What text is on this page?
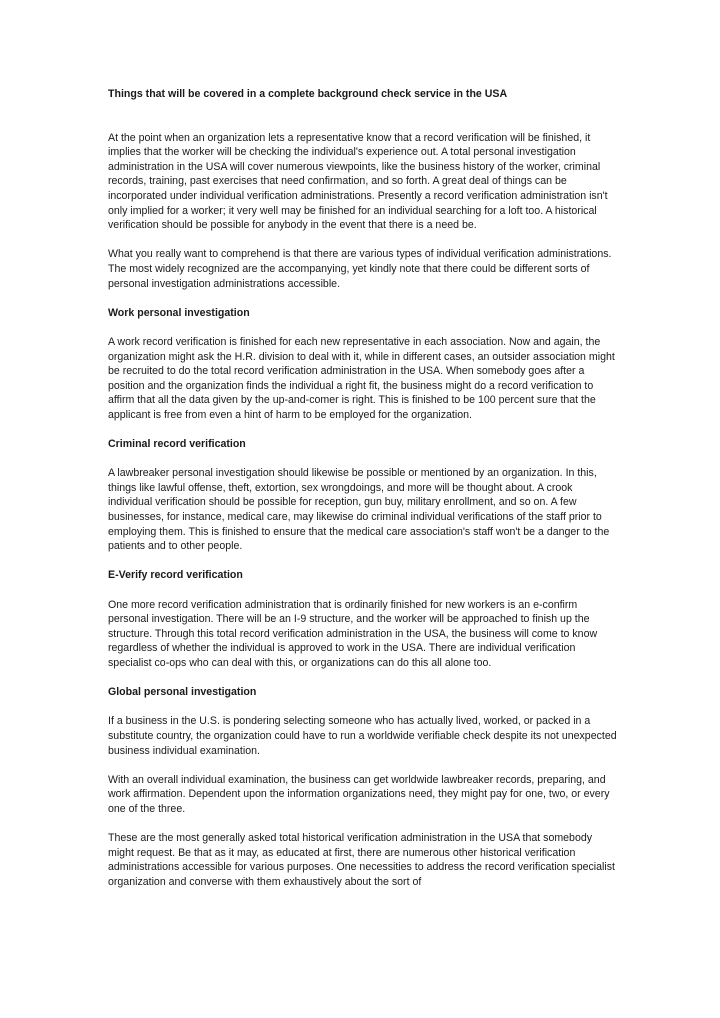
Things that will be covered in a complete background check service in the USA

At the point when an organization lets a representative know that a record verification will be finished, it implies that the worker will be checking the individual's experience out. A total personal investigation administration in the USA will cover numerous viewpoints, like the business history of the worker, criminal records, training, past exercises that need confirmation, and so forth. A great deal of things can be incorporated under individual verification administrations. Presently a record verification administration isn't only implied for a worker; it very well may be finished for an individual searching for a loft too. A historical verification should be possible for anybody in the event that there is a need be.

What you really want to comprehend is that there are various types of individual verification administrations. The most widely recognized are the accompanying, yet kindly note that there could be different sorts of personal investigation administrations accessible.

Work personal investigation

A work record verification is finished for each new representative in each association. Now and again, the organization might ask the H.R. division to deal with it, while in different cases, an outsider association might be recruited to do the total record verification administration in the USA. When somebody goes after a position and the organization finds the individual a right fit, the business might do a record verification to affirm that all the data given by the up-and-comer is right. This is finished to be 100 percent sure that the applicant is free from even a hint of harm to be employed for the organization.

Criminal record verification

A lawbreaker personal investigation should likewise be possible or mentioned by an organization. In this, things like lawful offense, theft, extortion, sex wrongdoings, and more will be thought about. A crook individual verification should be possible for reception, gun buy, military enrollment, and so on. A few businesses, for instance, medical care, may likewise do criminal individual verifications of the staff prior to employing them. This is finished to ensure that the medical care association's staff won't be a danger to the patients and to other people.

E-Verify record verification

One more record verification administration that is ordinarily finished for new workers is an e-confirm personal investigation. There will be an I-9 structure, and the worker will be approached to finish up the structure. Through this total record verification administration in the USA, the business will come to know regardless of whether the individual is approved to work in the USA. There are individual verification specialist co-ops who can deal with this, or organizations can do this all alone too.

Global personal investigation

If a business in the U.S. is pondering selecting someone who has actually lived, worked, or packed in a substitute country, the organization could have to run a worldwide verifiable check despite its not unexpected business individual examination.

With an overall individual examination, the business can get worldwide lawbreaker records, preparing, and work affirmation. Dependent upon the information organizations need, they might pay for one, two, or every one of the three.

These are the most generally asked total historical verification administration in the USA that somebody might request. Be that as it may, as educated at first, there are numerous other historical verification administrations accessible for various purposes. One necessities to address the record verification specialist organization and converse with them exhaustively about the sort of
